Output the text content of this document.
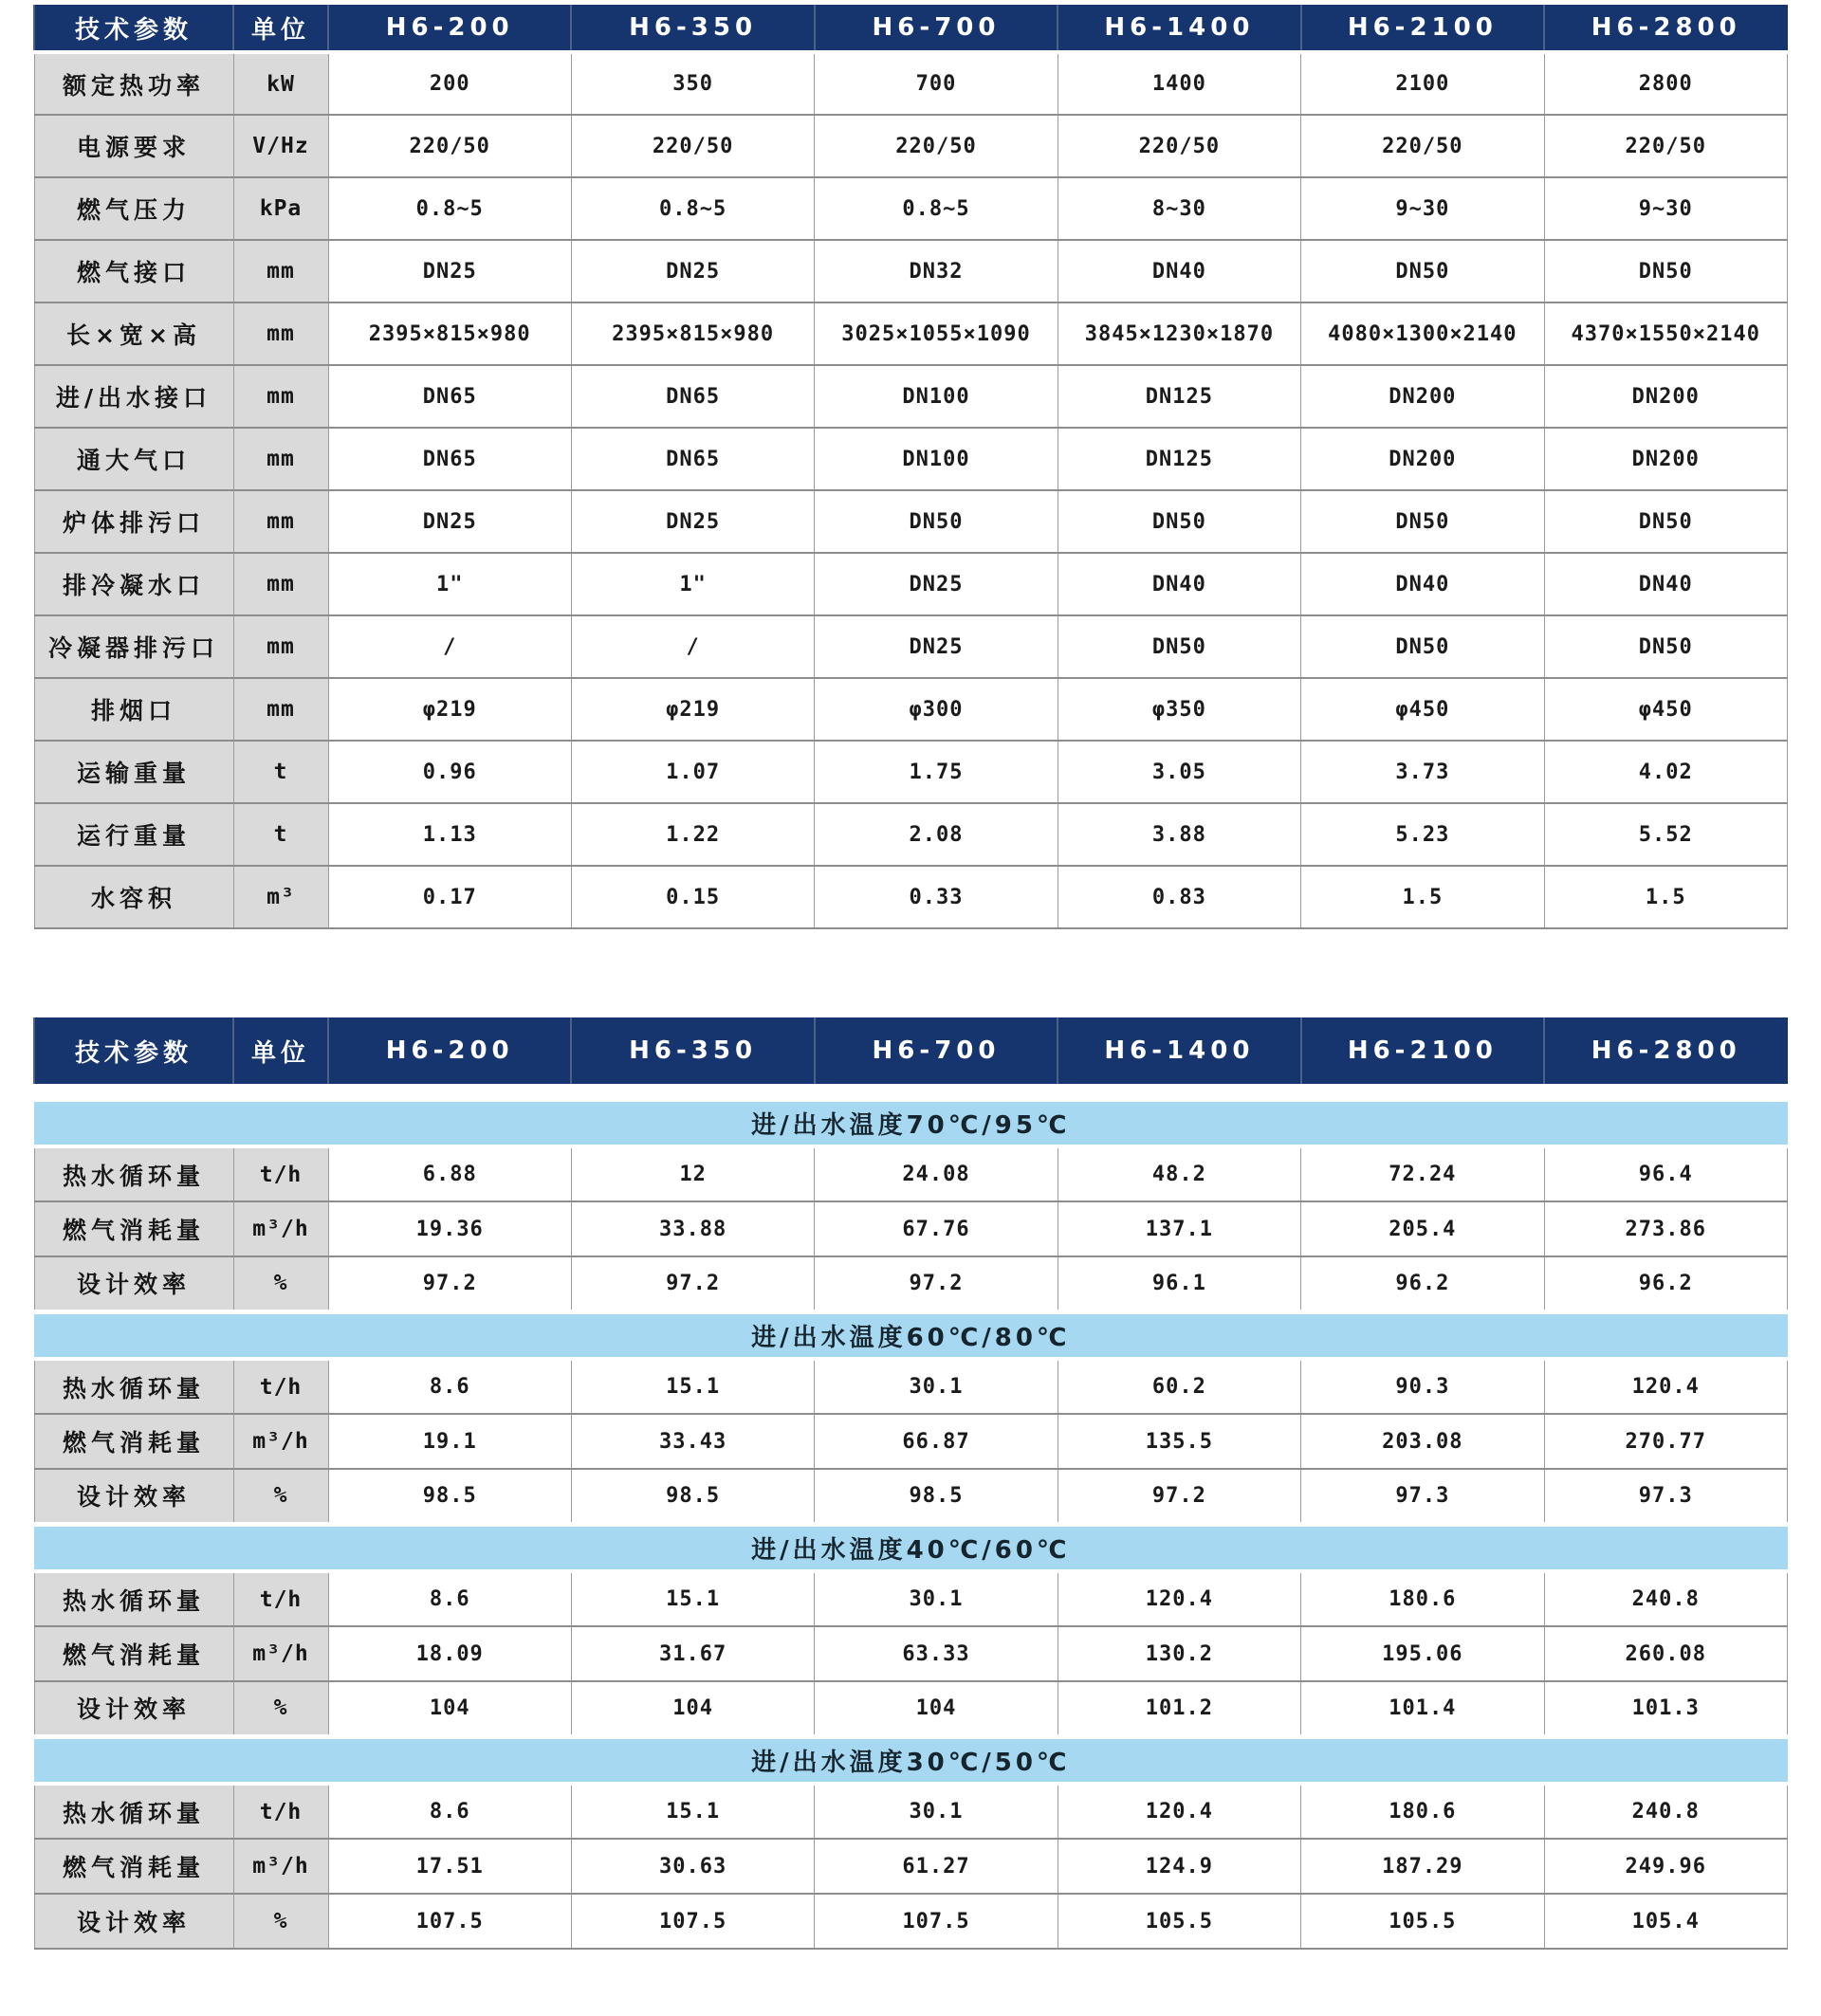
技术参数	单位	H6-200	H6-350	H6-700	H6-1400	H6-2100	H6-2800
额定热功率	kW	200	350	700	1400	2100	2800
电源要求	V/Hz	220/50	220/50	220/50	220/50	220/50	220/50
燃气压力	kPa	0.8~5	0.8~5	0.8~5	8~30	9~30	9~30
燃气接口	mm	DN25	DN25	DN32	DN40	DN50	DN50
长×宽×高	mm	2395×815×980	2395×815×980	3025×1055×1090	3845×1230×1870	4080×1300×2140	4370×1550×2140
进/出水接口	mm	DN65	DN65	DN100	DN125	DN200	DN200
通大气口	mm	DN65	DN65	DN100	DN125	DN200	DN200
炉体排污口	mm	DN25	DN25	DN50	DN50	DN50	DN50
排冷凝水口	mm	1"	1"	DN25	DN40	DN40	DN40
冷凝器排污口	mm	/	/	DN25	DN50	DN50	DN50
排烟口	mm	φ219	φ219	φ300	φ350	φ450	φ450
运输重量	t	0.96	1.07	1.75	3.05	3.73	4.02
运行重量	t	1.13	1.22	2.08	3.88	5.23	5.52
水容积	m³	0.17	0.15	0.33	0.83	1.5	1.5
技术参数	单位	H6-200	H6-350	H6-700	H6-1400	H6-2100	H6-2800

进/出水温度70℃/95℃							
热水循环量	t/h	6.88	12	24.08	48.2	72.24	96.4
燃气消耗量	m³/h	19.36	33.88	67.76	137.1	205.4	273.86
设计效率	%	97.2	97.2	97.2	96.1	96.2	96.2
进/出水温度60℃/80℃							
热水循环量	t/h	8.6	15.1	30.1	60.2	90.3	120.4
燃气消耗量	m³/h	19.1	33.43	66.87	135.5	203.08	270.77
设计效率	%	98.5	98.5	98.5	97.2	97.3	97.3
进/出水温度40℃/60℃							
热水循环量	t/h	8.6	15.1	30.1	120.4	180.6	240.8
燃气消耗量	m³/h	18.09	31.67	63.33	130.2	195.06	260.08
设计效率	%	104	104	104	101.2	101.4	101.3
进/出水温度30℃/50℃							
热水循环量	t/h	8.6	15.1	30.1	120.4	180.6	240.8
燃气消耗量	m³/h	17.51	30.63	61.27	124.9	187.29	249.96
设计效率	%	107.5	107.5	107.5	105.5	105.5	105.4
